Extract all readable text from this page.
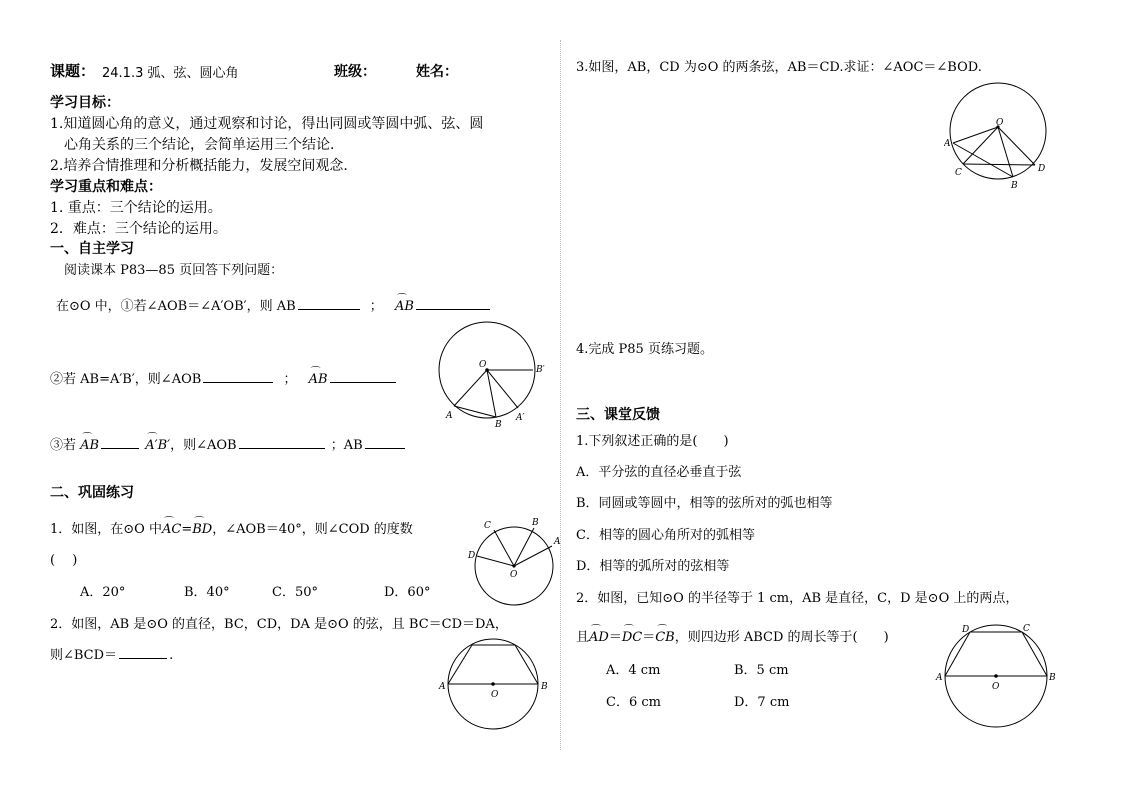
课题： 24.1.3 弧、弦、圆心角	班级：	姓名：
学习目标：
1.知道圆心角的意义，通过观察和讨论，得出同圆或等圆中弧、弦、圆
心角关系的三个结论，会简单运用三个结论.
2.培养合情推理和分析概括能力，发展空间观念.
学习重点和难点：
1. 重点：三个结论的运用。
2．难点：三个结论的运用。
一、自主学习
阅读课本 P83—85 页回答下列问题：
在⊙O 中，①若∠AOB＝∠A′OB′，则 AB	； ⌒ AB
②若 AB=A′B′，则∠AOB	； ⌒ AB
③若 ⌒ AB	⌒ A′B′，则∠AOB	；AB
O	B′
A
B
A′
二、巩固练习
1．如图，在⊙O 中⌒ AC=⌒ BD，∠AOB＝40°，则∠COD 的度数
(　 )
A．20°	B．40°	C．50°	D．60°
C	B
D
A
O
2．如图，AB 是⊙O 的直径，BC，CD，DA 是⊙O 的弦，且 BC＝CD＝DA，
则∠BCD＝	.
A
O
B
3.如图，AB，CD 为⊙O 的两条弦，AB＝CD.求证：∠AOC＝∠BOD.
O
A
C
B
D
4.完成 P85 页练习题。
三、课堂反馈
1.下列叙述正确的是(　　)
A．平分弦的直径必垂直于弦
B．同圆或等圆中，相等的弦所对的弧也相等
C．相等的圆心角所对的弧相等
D．相等的弧所对的弦相等
2．如图，已知⊙O 的半径等于 1 cm，AB 是直径，C，D 是⊙O 上的两点，
且⌒ AD＝⌒ DC＝⌒ CB，则四边形 ABCD 的周长等于(　　)
A．4 cm	B．5 cm
C．6 cm	D．7 cm
D	C
A
O
B
